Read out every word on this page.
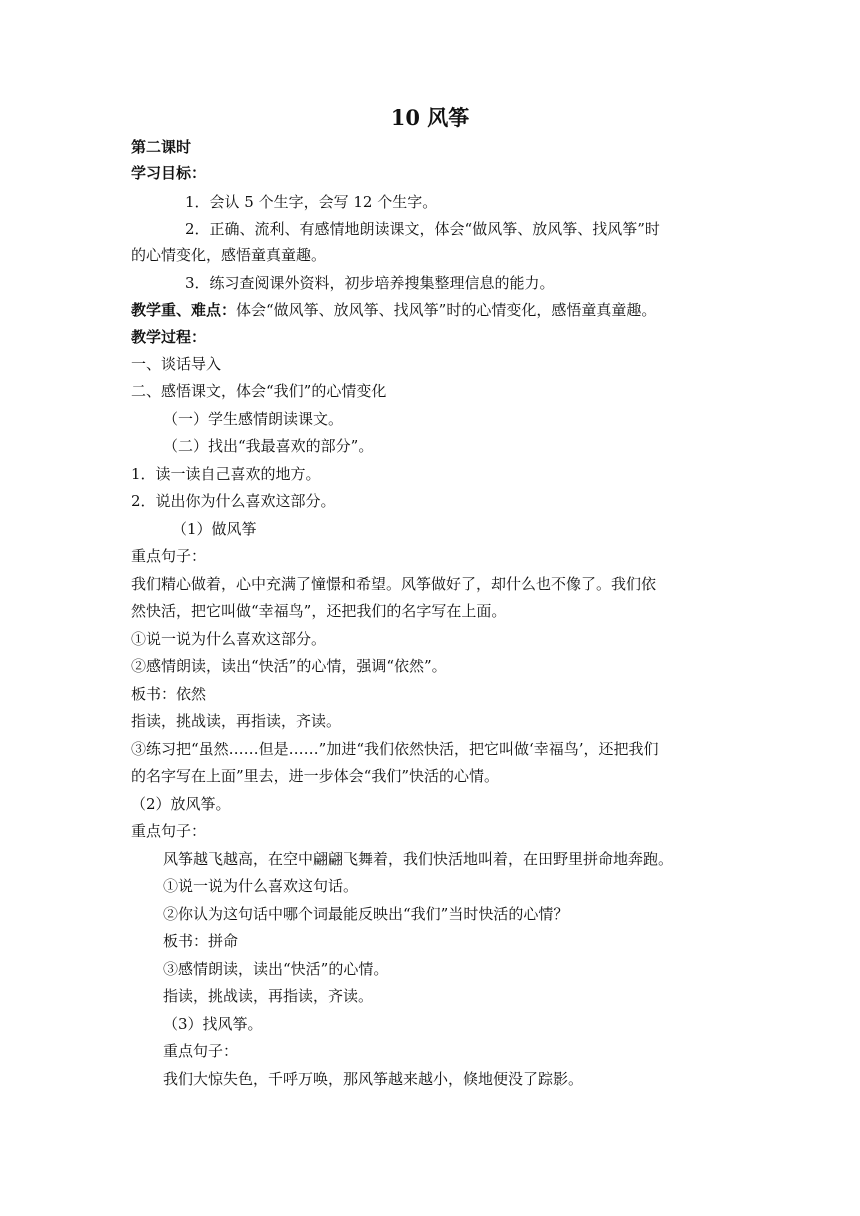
10 风筝
第二课时
学习目标：
1．会认 5 个生字，会写 12 个生字。
2．正确、流利、有感情地朗读课文，体会“做风筝、放风筝、找风筝”时
的心情变化，感悟童真童趣。
3．练习查阅课外资料，初步培养搜集整理信息的能力。
教学重、难点：体会“做风筝、放风筝、找风筝”时的心情变化，感悟童真童趣。
教学过程：
一、谈话导入
二、感悟课文，体会“我们”的心情变化
（一）学生感情朗读课文。
（二）找出“我最喜欢的部分”。
1．读一读自己喜欢的地方。
2．说出你为什么喜欢这部分。
（1）做风筝
重点句子：
我们精心做着，心中充满了憧憬和希望。风筝做好了，却什么也不像了。我们依
然快活，把它叫做“幸福鸟”，还把我们的名字写在上面。
①说一说为什么喜欢这部分。
②感情朗读，读出“快活”的心情，强调“依然”。
板书：依然
指读，挑战读，再指读，齐读。
③练习把“虽然……但是……”加进“我们依然快活，把它叫做‘幸福鸟’，还把我们
的名字写在上面”里去，进一步体会“我们”快活的心情。
（2）放风筝。
重点句子：
风筝越飞越高，在空中翩翩飞舞着，我们快活地叫着，在田野里拼命地奔跑。
①说一说为什么喜欢这句话。
②你认为这句话中哪个词最能反映出“我们”当时快活的心情？
板书：拼命
③感情朗读，读出“快活”的心情。
指读，挑战读，再指读，齐读。
（3）找风筝。
重点句子：
我们大惊失色，千呼万唤，那风筝越来越小，倏地便没了踪影。
